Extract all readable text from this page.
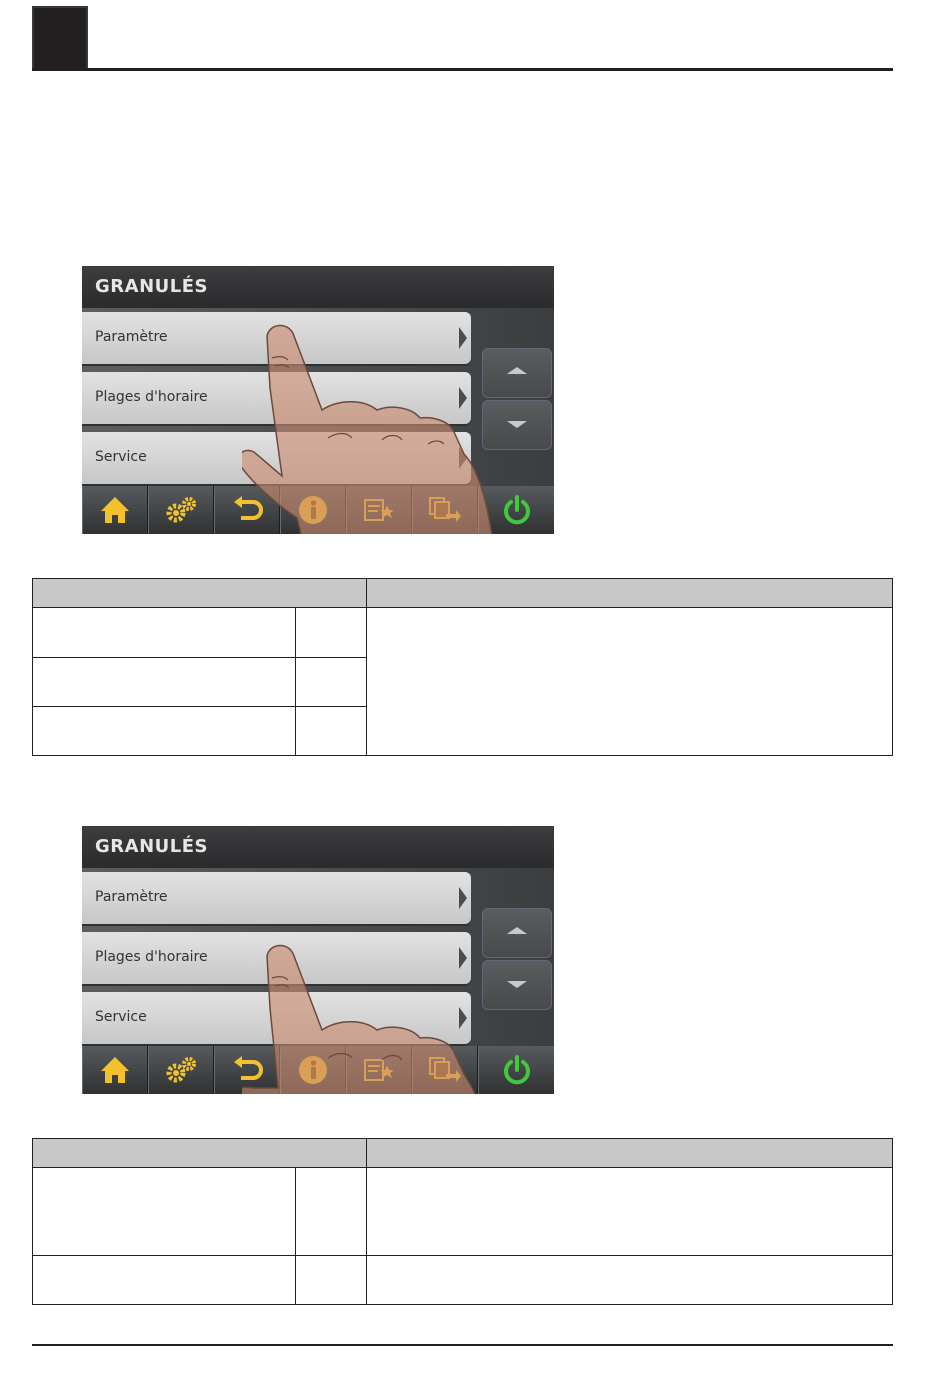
GRANULÉS
Paramètre
Plages d'horaire
Service
GRANULÉS
Paramètre
Plages d'horaire
Service
